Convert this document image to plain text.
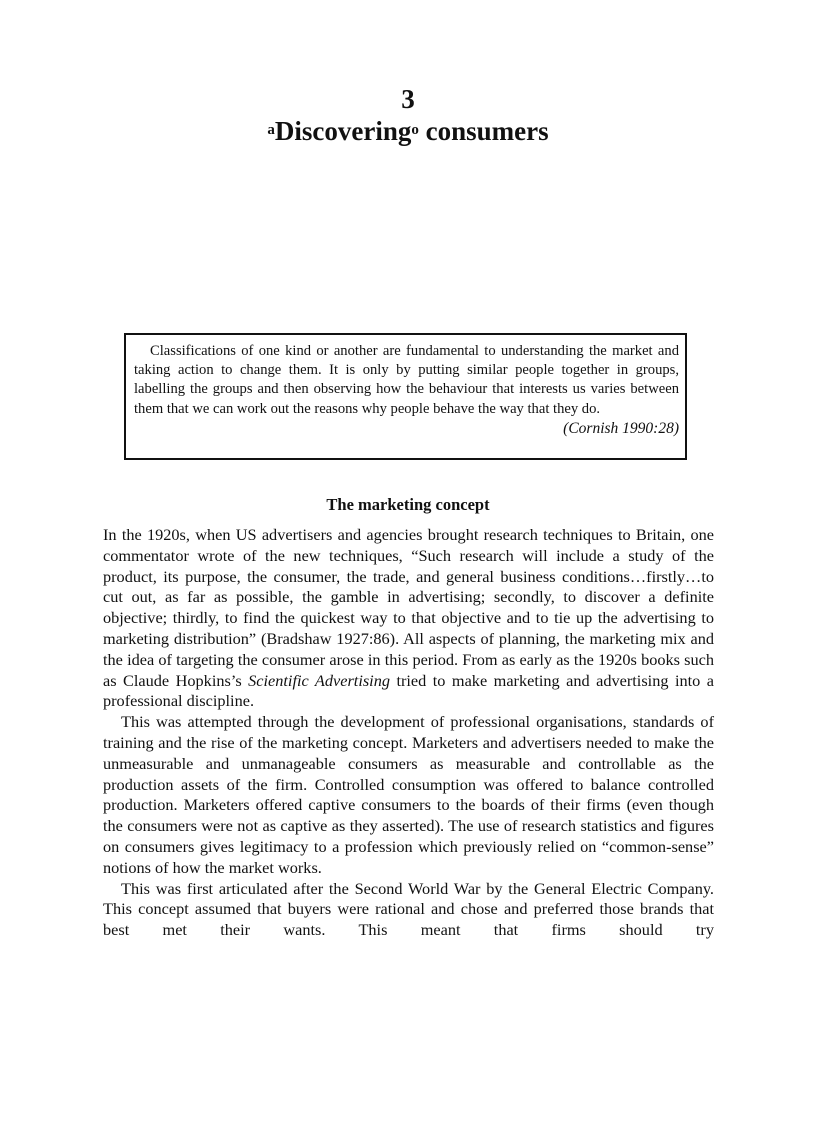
3
$^a$Discovering$^o$ consumers

Classifications of one kind or another are fundamental to understanding the market and taking action to change them. It is only by putting similar people together in groups, labelling the groups and then observing how the behaviour that interests us varies between them that we can work out the reasons why people behave the way that they do.

(Cornish 1990:28)

The marketing concept

In the 1920s, when US advertisers and agencies brought research techniques to Britain, one commentator wrote of the new techniques, “Such research will include a study of the product, its purpose, the consumer, the trade, and general business conditions…firstly…to cut out, as far as possible, the gamble in advertising; secondly, to discover a definite objective; thirdly, to find the quickest way to that objective and to tie up the advertising to marketing distribution” (Bradshaw 1927:86). All aspects of planning, the marketing mix and the idea of targeting the consumer arose in this period. From as early as the 1920s books such as Claude Hopkins’s Scientific Advertising tried to make marketing and advertising into a professional discipline.

This was attempted through the development of professional organisations, standards of training and the rise of the marketing concept. Marketers and advertisers needed to make the unmeasurable and unmanageable consumers as measurable and controllable as the production assets of the firm. Controlled consumption was offered to balance controlled production. Marketers offered captive consumers to the boards of their firms (even though the consumers were not as captive as they asserted). The use of research statistics and figures on consumers gives legitimacy to a profession which previously relied on “common-sense” notions of how the market works.

This was first articulated after the Second World War by the General Electric Company. This concept assumed that buyers were rational and chose and preferred those brands that best met their wants. This meant that firms should try
